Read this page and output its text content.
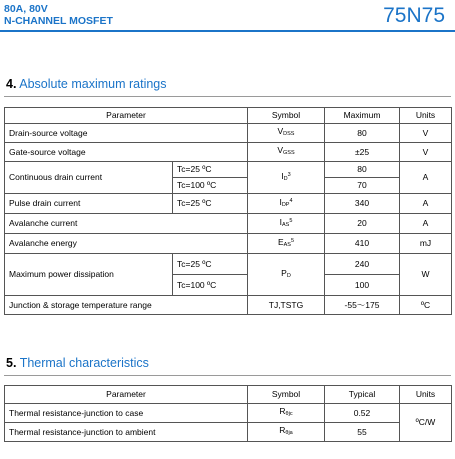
80A, 80V
N-CHANNEL MOSFET	75N75
4. Absolute maximum ratings
Parameter		Symbol	Maximum	Units
Drain-source voltage		$V_{DSS}$	80	V
Gate-source voltage		$V_{GSS}$	±25	V
Continuous drain current	Tc=25 ºC	$I_D^3$	80	A
	Tc=100 ºC		70	
Pulse drain current	Tc=25 ºC	$I_{DP}^4$	340	A
Avalanche current		$I_{AS}^5$	20	A
Avalanche energy		$E_{AS}^5$	410	mJ
Maximum power dissipation	Tc=25 ºC	$P_D$	240	W
	Tc=100 ºC		100	
Junction & storage temperature range		TJ,TSTG	-55～175	ºC
5. Thermal characteristics
Parameter	Symbol	Typical	Units
Thermal resistance-junction to case	$R_{\theta jc}$	0.52	ºC/W
Thermal resistance-junction to ambient	$R_{\theta ja}$	55	
